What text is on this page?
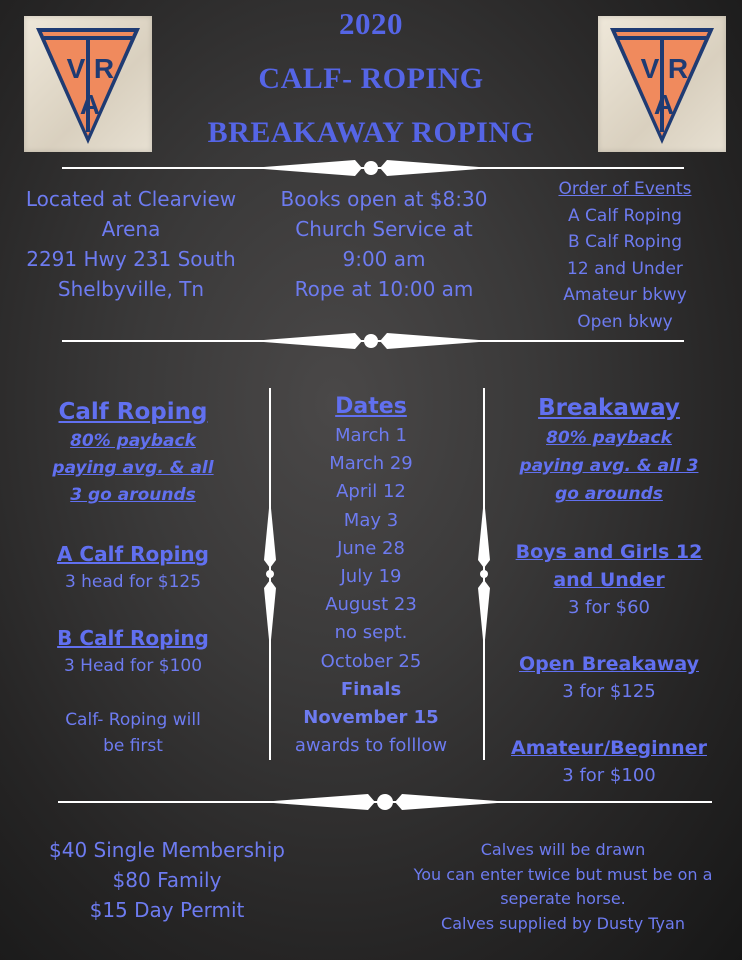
V R
A
V R
A
2020
CALF- ROPING
BREAKAWAY ROPING
Located at Clearview
Arena
2291 Hwy 231 South
Shelbyville, Tn
Books open at $8:30
Church Service at
9:00 am
Rope at 10:00 am
Order of Events
A Calf Roping
B Calf Roping
12 and Under
Amateur bkwy
Open bkwy
Calf Roping
80% payback
paying avg. & all
3 go arounds
A Calf Roping
3 head for $125
B Calf Roping
3 Head for $100
Calf- Roping will
be first
Dates
March 1
March 29
April 12
May 3
June 28
July 19
August 23
no sept.
October 25
Finals
November 15
awards to folllow
Breakaway
80% payback
paying avg. & all 3
go arounds
Boys and Girls 12
and Under
3 for $60
Open Breakaway
3 for $125
Amateur/Beginner
3 for $100
$40 Single Membership
$80 Family
$15 Day Permit
Calves will be drawn
You can enter twice but must be on a
seperate horse.
Calves supplied by Dusty Tyan
